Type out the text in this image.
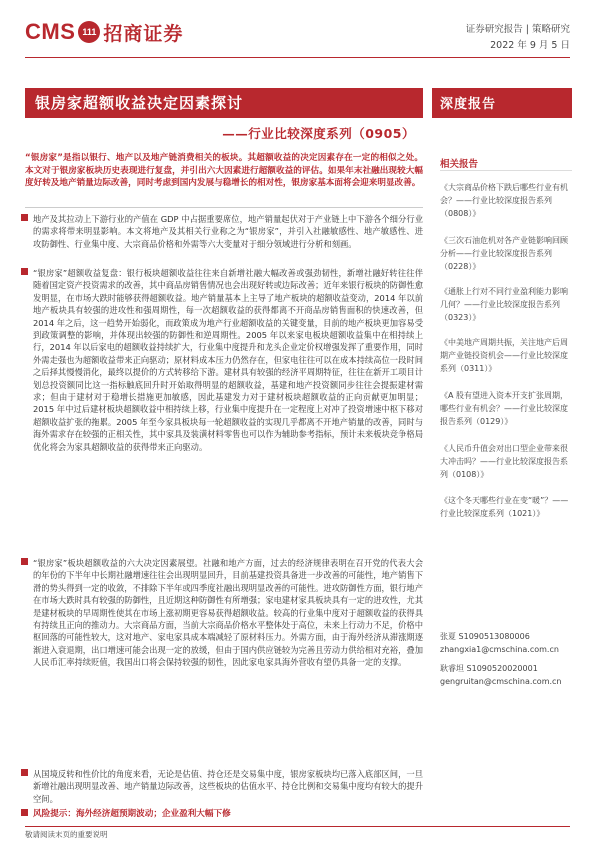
CMS 111 招商证券	证券研究报告 | 策略研究
2022 年 9 月 5 日
银房家超额收益决定因素探讨
——行业比较深度系列（0905）
深度报告
“银房家”是指以银行、地产以及地产链消费相关的板块。其超额收益的决定因素存在一定的相似之处。本文对于银房家板块历史表现进行复盘，并引出六大因素进行超额收益的评估。如果年末社融出现较大幅度好转及地产销量边际改善，同时考虑到国内发展与稳增长的相对性，银房家基本面将会迎来明显改善。
地产及其拉动上下游行业的产值在 GDP 中占据重要席位，地产销量起伏对于产业链上中下游各个细分行业的需求将带来明显影响。本文将地产及其相关行业称之为“银房家”，并引入社融敏感性、地产敏感性、进攻防御性、行业集中度、大宗商品价格和外需等六大变量对于细分领域进行分析和刻画。
“银房家”超额收益复盘：银行板块超额收益往往来自新增社融大幅改善或强劲韧性，新增社融好转往往伴随着国定资产投资需求的改善，其中商品房销售情况也会出现好转或边际改善；近年来银行板块的防御性愈发明显，在市场大跌时能够获得超额收益。地产销量基本上主导了地产板块的超额收益变动，2014 年以前地产板块具有较强的进攻性和强周期性，每一次超额收益的获得都离不开商品房销售面积的快速改善，但 2014 年之后，这一趋势开始弱化，而政策成为地产行业超额收益的关键变量，目前的地产板块更加容易受到政策调整的影响，并体现出较强的防御性和逆周期性。2005 年以来家电板块超额收益集中在相持续上行，2014 年以后家电的超额收益持续扩大，行业集中度提升和龙头企业定价权增强发挥了重要作用，同时外需走强也为超额收益带来正向驱动；原材料成本压力仍然存在，但家电往往可以在成本持续高位一段时间之后择其慢慢消化，最终以提价的方式转移给下游。建材具有较强的经济平周期特征，往往在新开工项目计划总投资额同比这一指标触底回升时开始取得明显的超额收益，基建和地产投资额同步往往会提振建材需求；但由于建材对于稳增长措施更加敏感，因此基建发力对于建材板块超额收益的正向贡献更加明显；2015 年中过后建材板块超额收益中相持续上移，行业集中度提升在一定程度上对冲了投资增速中枢下移对超额收益扩张的拖累。2005 年至今家具板块每一轮超额收益的实现几乎都离不开地产销量的改善，同时与海外需求存在较强的正相关性，其中家具及装潢材料零售也可以作为辅助参考指标，预计未来板块竞争格局优化将会为家具超额收益的获得带来正向驱动。
“银房家”板块超额收益的六大决定因素展望。社融和地产方面，过去的经济规律表明在召开党的代表大会的年份的下半年中长期社融增速往往会出现明显回升，目前基建投资具备进一步改善的可能性，地产销售下滑的势头得到一定的收敛，不排除下半年或四季度社融出现明显改善的可能性。进攻防御性方面，银行地产在市场大跌时具有较强的防御性，且近期这种防御性有所增强；家电建材家具板块具有一定的进攻性，尤其是建材板块的早周期性使其在市场上涨初期更容易获得超额收益。较高的行业集中度对于超额收益的获得具有持续且正向的推动力。大宗商品方面，当前大宗商品价格水平整体处于高位，未来上行动力不足，价格中枢回落的可能性较大，这对地产、家电家具成本端减轻了原材料压力。外需方面，由于海外经济从滞涨期逐渐进入衰退期，出口增速可能会出现一定的放缓，但由于国内供应链较为完善且劳动力供给相对充裕，叠加人民币汇率持续贬值，我国出口将会保持较强的韧性，因此家电家具海外营收有望仍具备一定的支撑。
从国境反转和性价比的角度来看，无论是估值、持仓还是交易集中度，银房家板块均已落入底部区间，一旦新增社融出现明显改善、地产销量边际改善，这些板块的估值水平、持仓比例和交易集中度均有较大的提升空间。
风险提示：海外经济超预期波动；企业盈利大幅下修
相关报告
《大宗商品价格下跌后哪些行业有机会？——行业比较深度报告系列（0808）》
《三次石油危机对各产业链影响回顾分析——行业比较深度报告系列（0228）》
《通胀上行对不同行业盈利能力影响几何？——行业比较深度报告系列（0323）》
《中美地产周期共振，关注地产后周期产业链投资机会——行业比较深度系列（0311）》
《A 股有望进入资本开支扩张周期，哪些行业有机会？——行业比较深度报告系列（0129）》
《人民币升值会对出口型企业带来很大冲击吗？——行业比较深度报告系列（0108）》
《这个冬天哪些行业在变“暖”？——行业比较深度系列（1021）》
张夏 S1090513080006
zhangxia1@cmschina.com.cn
耿睿坦 S1090520020001
gengruitan@cmschina.com.cn
敬请阅读末页的重要说明
